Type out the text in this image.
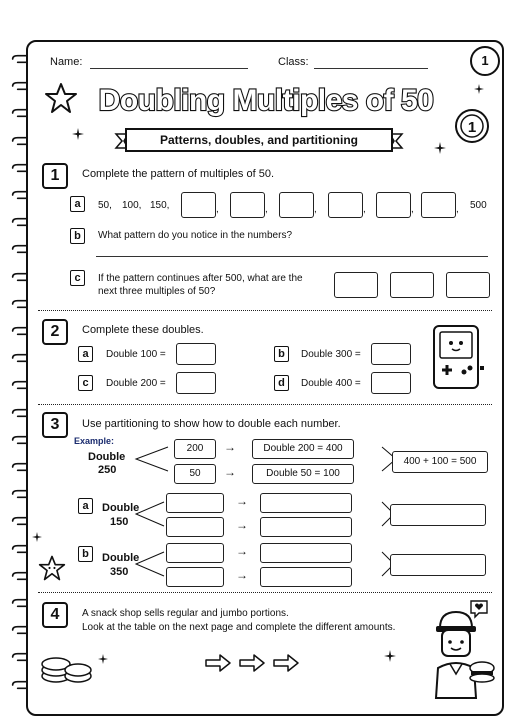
Name:	Class:	1
Doubling Multiples of 50
1
Patterns, doubles, and partitioning
1	Complete the pattern of multiples of 50.
a	50, 100, 150,	,	,	,	,	,	, 500
b	What pattern do you notice in the numbers?
c	If the pattern continues after 500, what are the
next three multiples of 50?
2	Complete these doubles.
a	Double 100 =	b	Double 300 =
c	Double 200 =	d	Double 400 =
3	Use partitioning to show how to double each number.
Example:
Double
250
200
50
→
→
Double 200 = 400
Double 50 = 100
400 + 100 = 500
a	Double
150
→
→
b	Double
350
→
→
4	A snack shop sells regular and jumbo portions.
Look at the table on the next page and complete the different amounts.
